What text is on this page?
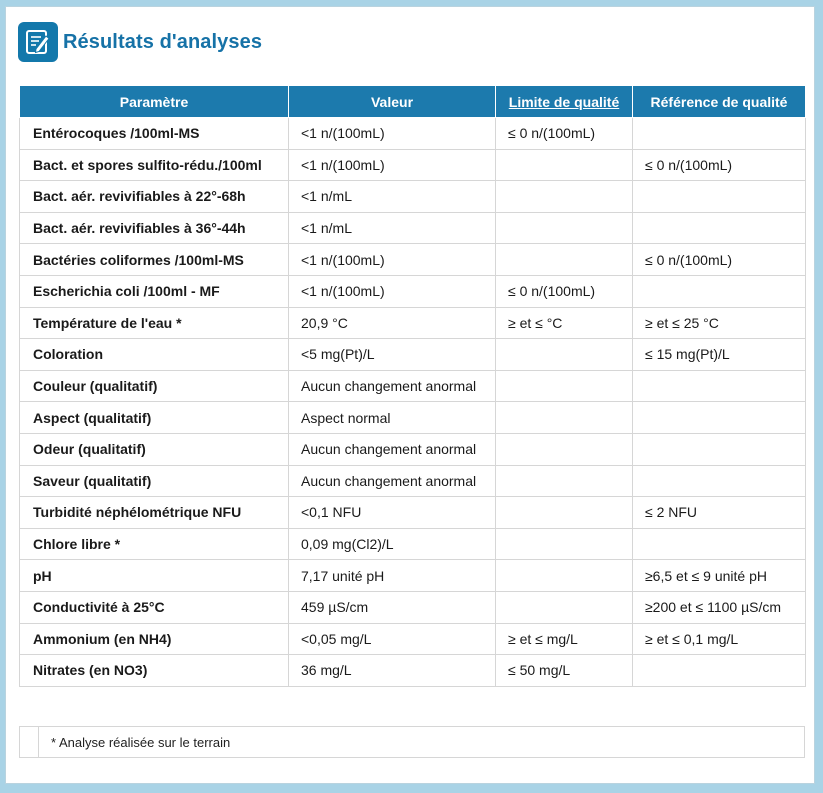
Résultats d'analyses
Paramètre	Valeur	Limite de qualité	Référence de qualité
Entérocoques /100ml-MS	<1 n/(100mL)	≤ 0 n/(100mL)	
Bact. et spores sulfito-rédu./100ml	<1 n/(100mL)		≤ 0 n/(100mL)
Bact. aér. revivifiables à 22°-68h	<1 n/mL		
Bact. aér. revivifiables à 36°-44h	<1 n/mL		
Bactéries coliformes /100ml-MS	<1 n/(100mL)		≤ 0 n/(100mL)
Escherichia coli /100ml - MF	<1 n/(100mL)	≤ 0 n/(100mL)	
Température de l'eau *	20,9 °C	≥ et ≤ °C	≥ et ≤ 25 °C
Coloration	<5 mg(Pt)/L		≤ 15 mg(Pt)/L
Couleur (qualitatif)	Aucun changement anormal		
Aspect (qualitatif)	Aspect normal		
Odeur (qualitatif)	Aucun changement anormal		
Saveur (qualitatif)	Aucun changement anormal		
Turbidité néphélométrique NFU	<0,1 NFU		≤ 2 NFU
Chlore libre *	0,09 mg(Cl2)/L		
pH	7,17 unité pH		≥6,5 et ≤ 9 unité pH
Conductivité à 25°C	459 µS/cm		≥200 et ≤ 1100 µS/cm
Ammonium (en NH4)	<0,05 mg/L	≥ et ≤ mg/L	≥ et ≤ 0,1 mg/L
Nitrates (en NO3)	36 mg/L	≤ 50 mg/L	
* Analyse réalisée sur le terrain
